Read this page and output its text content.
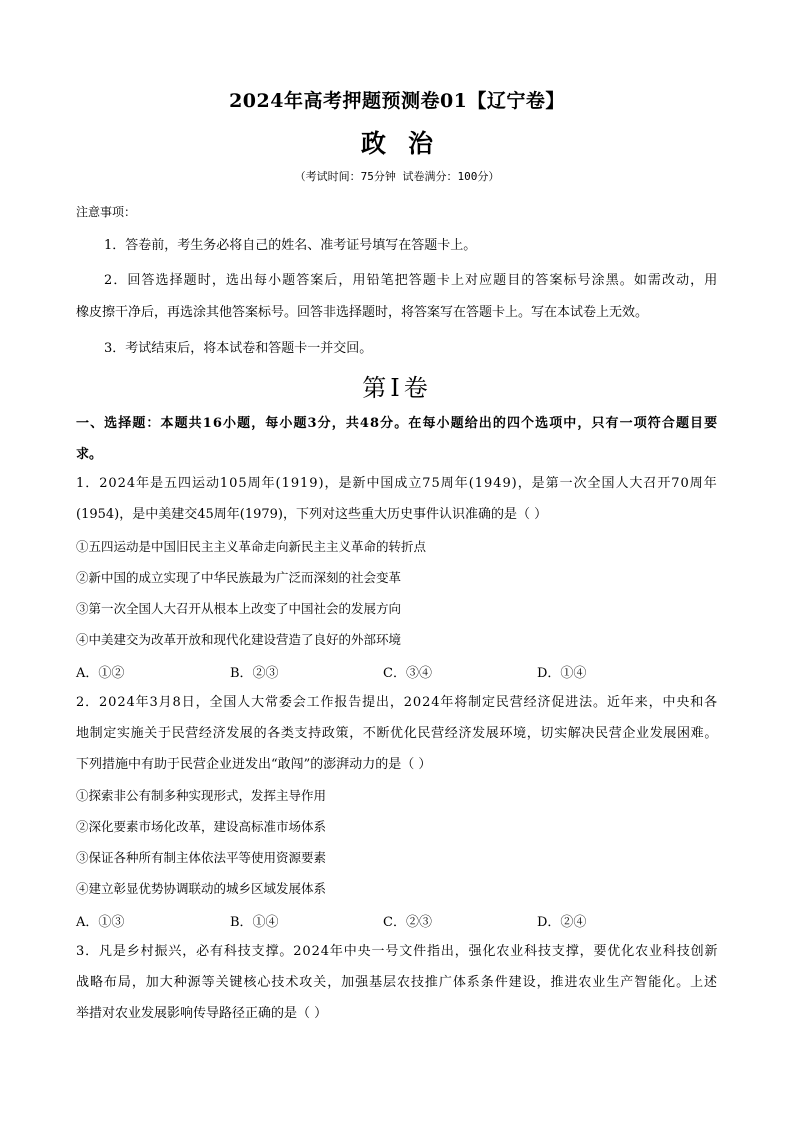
2024年高考押题预测卷01【辽宁卷】
政治
（考试时间：75分钟 试卷满分：100分）
注意事项：
1．答卷前，考生务必将自己的姓名、准考证号填写在答题卡上。
2．回答选择题时，选出每小题答案后，用铅笔把答题卡上对应题目的答案标号涂黑。如需改动，用
橡皮擦干净后，再选涂其他答案标号。回答非选择题时，将答案写在答题卡上。写在本试卷上无效。
3．考试结束后，将本试卷和答题卡一并交回。
第Ⅰ卷
一、选择题：本题共16小题，每小题3分，共48分。在每小题给出的四个选项中，只有一项符合题目要
求。
1．2024年是五四运动105周年(1919)，是新中国成立75周年(1949)，是第一次全国人大召开70周年
(1954)，是中美建交45周年(1979)，下列对这些重大历史事件认识准确的是（ ）
①五四运动是中国旧民主主义革命走向新民主主义革命的转折点
②新中国的成立实现了中华民族最为广泛而深刻的社会变革
③第一次全国人大召开从根本上改变了中国社会的发展方向
④中美建交为改革开放和现代化建设营造了良好的外部环境
A．①②	B．②③	C．③④	D．①④
2．2024年3月8日，全国人大常委会工作报告提出，2024年将制定民营经济促进法。近年来，中央和各
地制定实施关于民营经济发展的各类支持政策，不断优化民营经济发展环境，切实解决民营企业发展困难。
下列措施中有助于民营企业迸发出“敢闯”的澎湃动力的是（ ）
①探索非公有制多种实现形式，发挥主导作用
②深化要素市场化改革，建设高标准市场体系
③保证各种所有制主体依法平等使用资源要素
④建立彰显优势协调联动的城乡区域发展体系
A．①③	B．①④	C．②③	D．②④
3．凡是乡村振兴，必有科技支撑。2024年中央一号文件指出，强化农业科技支撑，要优化农业科技创新
战略布局，加大种源等关键核心技术攻关，加强基层农技推广体系条件建设，推进农业生产智能化。上述
举措对农业发展影响传导路径正确的是（ ）
